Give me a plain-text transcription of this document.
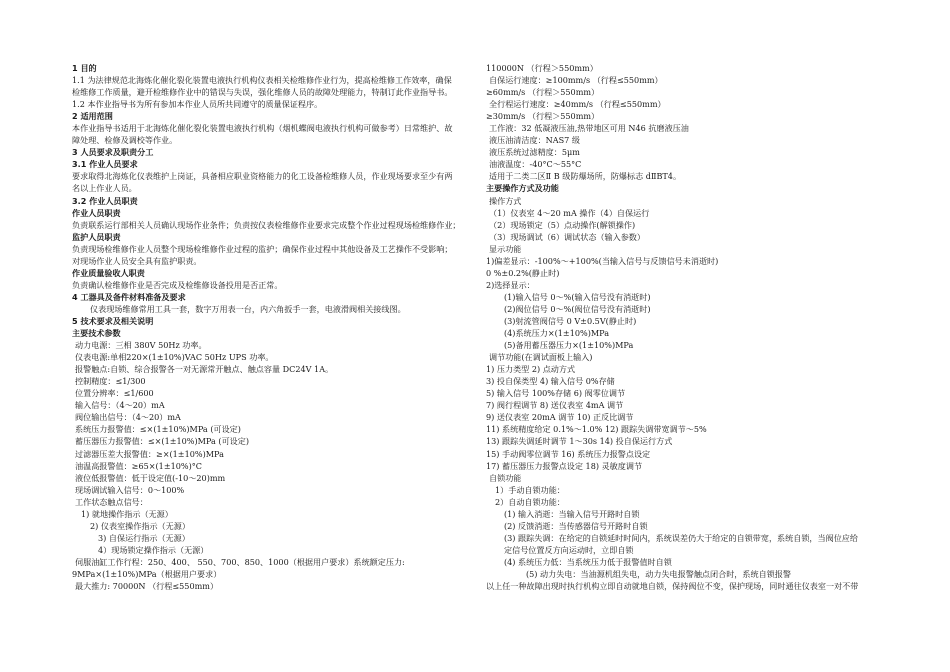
1 目的
1.1 为法律规范北海炼化催化裂化装置电液执行机构仪表相关检维修作业行为，提高检维修工作效率，确保
检维修工作质量，避开检维修作业中的错误与失误，强化维修人员的故障处理能力，特制订此作业指导书。
1.2 本作业指导书为所有参加本作业人员所共同遵守的质量保证程序。
2 适用范围
本作业指导书适用于北海炼化催化裂化装置电液执行机构（烟机蝶阀电液执行机构可做参考）日常维护、故
障处理、检修及调校等作业。
3 人员要求及职责分工
3.1 作业人员要求
要求取得北海炼化仪表维护上岗证，具备相应职业资格能力的化工设备检维修人员，作业现场要求至少有两
名以上作业人员。
3.2 作业人员职责
作业人员职责
负责联系运行部相关人员确认现场作业条件；负责按仪表检维修作业要求完成整个作业过程现场检维修作业；
监护人员职责
负责现场检维修作业人员整个现场检维修作业过程的监护；确保作业过程中其他设备及工艺操作不受影响；
对现场作业人员安全具有监护职责。
作业质量验收人职责
负责确认检维修作业是否完成及检维修设备投用是否正常。
4 工器具及备件材料准备及要求
仪表现场维修常用工具一套，数字万用表一台，内六角扳手一套，电液滑阀相关接线图。
5 技术要求及相关说明
主要技术参数
动力电源：三相 380V 50Hz 功率。
仪表电源:单相220×(1±10%)VAC 50Hz UPS 功率。
报警触点:自锁、综合报警各一对无源常开触点、触点容量 DC24V 1A。
控制精度：≤1/300
位置分辨率：≤1/600
输入信号：（4～20）mA
阀位输出信号：（4～20）mA
系统压力报警值：≤×(1±10%)MPa (可设定)
蓄压器压力报警值：≤×(1±10%)MPa (可设定)
过滤器压差大报警值：≥×(1±10%)MPa
油温高报警值：≥65×(1±10%)°C
液位低报警值：低于设定值(-10～20)mm
现场调试输入信号：0～100%
工作状态触点信号：
1) 就地操作指示（无源）
2) 仪表室操作指示（无源）
3) 自保运行指示（无源）
4）现场锁定操作指示（无源）
伺服油缸工作行程：250、400、 550、700、850、1000（根据用户要求）系统额定压力:
9MPa×(1±10%)MPa（根据用户要求）
最大推力: 70000N （行程≤550mm）
110000N （行程＞550mm）
自保运行速度：≥100mm/s （行程≤550mm）
≥60mm/s （行程＞550mm）
全行程运行速度：≥40mm/s （行程≤550mm）
≥30mm/s （行程＞550mm）
工作液：32 低凝液压油,热带地区可用 N46 抗磨液压油
液压油清洁度：NAS7 级
液压系统过滤精度：5μm
油液温度：-40°C～55°C
适用于二类二区Ⅱ B 级防爆场所，防爆标志 dⅡBT4。
主要操作方式及功能
操作方式
（1）仪表室 4～20 mA 操作（4）自保运行
（2）现场锁定（5）点动操作(解锁操作)
（3）现场调试（6）调试状态（输入参数）
显示功能
1)偏差显示：-100%～+100%(当输入信号与反馈信号未消逝时)
0 %±0.2%(静止时)
2)选择显示：
(1)输入信号 0～%(输入信号没有消逝时)
(2)阀位信号 0～%(阀位信号没有消逝时)
(3)射流管阀信号 0 V±0.5V(静止时)
(4)系统压力×(1±10%)MPa
(5)备用蓄压器压力×(1±10%)MPa
调节功能(在调试面板上输入)
1) 压力类型 2) 点动方式
3) 投自保类型 4) 输入信号 0%存储
5) 输入信号 100%存储 6) 阀零位调节
7) 阀行程调节 8) 送仪表室 4mA 调节
9) 送仪表室 20mA 调节 10) 正反比调节
11) 系统精度给定 0.1%～1.0% 12) 跟踪失调带宽调节～5%
13) 跟踪失调延时调节 1～30s 14) 投自保运行方式
15) 手动阀零位调节 16) 系统压力报警点设定
17) 蓄压器压力报警点设定 18) 灵敏度调节
自锁功能
1）手动自锁功能：
2）自动自锁功能：
(1) 输入消逝：当输入信号开路时自锁
(2) 反馈消逝：当传感器信号开路时自锁
(3) 跟踪失调：在给定的自锁延时时间内，系统误差仍大于给定的自锁带宽，系统自锁，当阀位应给
定信号位置反方向运动时，立即自锁
(4) 系统压力低：当系统压力低于报警值时自锁
(5) 动力失电：当油源机组失电，动力失电报警触点闭合时，系统自锁报警
以上任一种故障出现时执行机构立即自动就地自锁，保持阀位不变，保护现场，同时通往仪表室一对不带
